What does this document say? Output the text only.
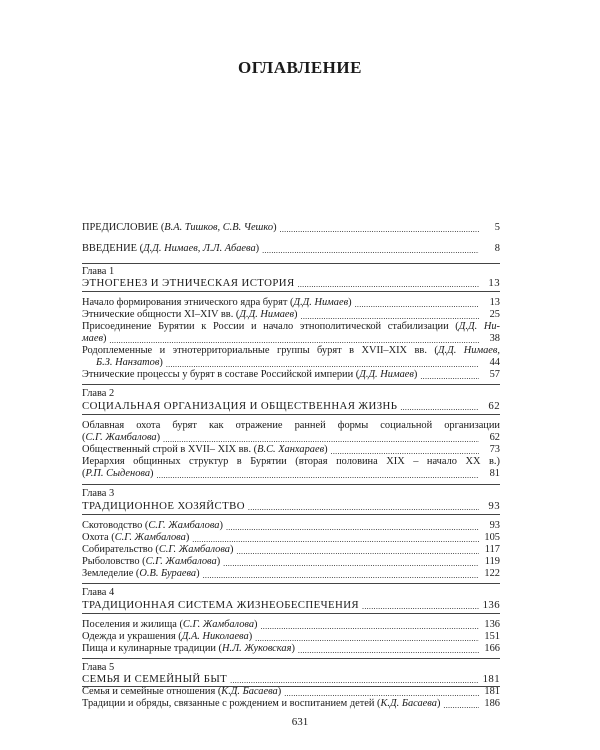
ОГЛАВЛЕНИЕ
ПРЕДИСЛОВИЕ (В.А. Тишков, С.В. Чешко) .....	5
ВВЕДЕНИЕ (Д.Д. Нимаев, Л.Л. Абаева) .....	8
Глава 1
ЭТНОГЕНЕЗ И ЭТНИЧЕСКАЯ ИСТОРИЯ .....	13
Начало формирования этнического ядра бурят (Д.Д. Нимаев) .....	13
Этнические общности XI–XIV вв. (Д.Д. Нимаев) .....	25
Присоединение Бурятии к России и начало этнополитической стабилизации (Д.Д. Ни-
маев) .....	38
Родоплеменные и этнотерриториальные группы бурят в XVII–XIX вв. (Д.Д. Нимаев,
Б.З. Нанзатов) .....	44
Этнические процессы у бурят в составе Российской империи (Д.Д. Нимаев) .....	57
Глава 2
СОЦИАЛЬНАЯ ОРГАНИЗАЦИЯ И ОБЩЕСТВЕННАЯ ЖИЗНЬ .....	62
Облавная охота бурят как отражение ранней формы социальной организации
(С.Г. Жамбалова) .....	62
Общественный строй в XVII– XIX вв. (В.С. Ханхараев) .....	73
Иерархия общинных структур в Бурятии (вторая половина XIX – начало XX в.)
(Р.П. Сыденова) .....	81
Глава 3
ТРАДИЦИОННОЕ ХОЗЯЙСТВО .....	93
Скотоводство (С.Г. Жамбалова) .....	93
Охота (С.Г. Жамбалова) .....	105
Собирательство (С.Г. Жамбалова) .....	117
Рыболовство (С.Г. Жамбалова) .....	119
Земледелие (О.В. Бураева) .....	122
Глава 4
ТРАДИЦИОННАЯ СИСТЕМА ЖИЗНЕОБЕСПЕЧЕНИЯ .....	136
Поселения и жилища (С.Г. Жамбалова) .....	136
Одежда и украшения (Д.А. Николаева) .....	151
Пища и кулинарные традиции (Н.Л. Жуковская) .....	166
Глава 5
СЕМЬЯ И СЕМЕЙНЫЙ БЫТ .....	181
Семья и семейные отношения (К.Д. Басаева) .....	181
Традиции и обряды, связанные с рождением и воспитанием детей (К.Д. Басаева) .....	186
631
